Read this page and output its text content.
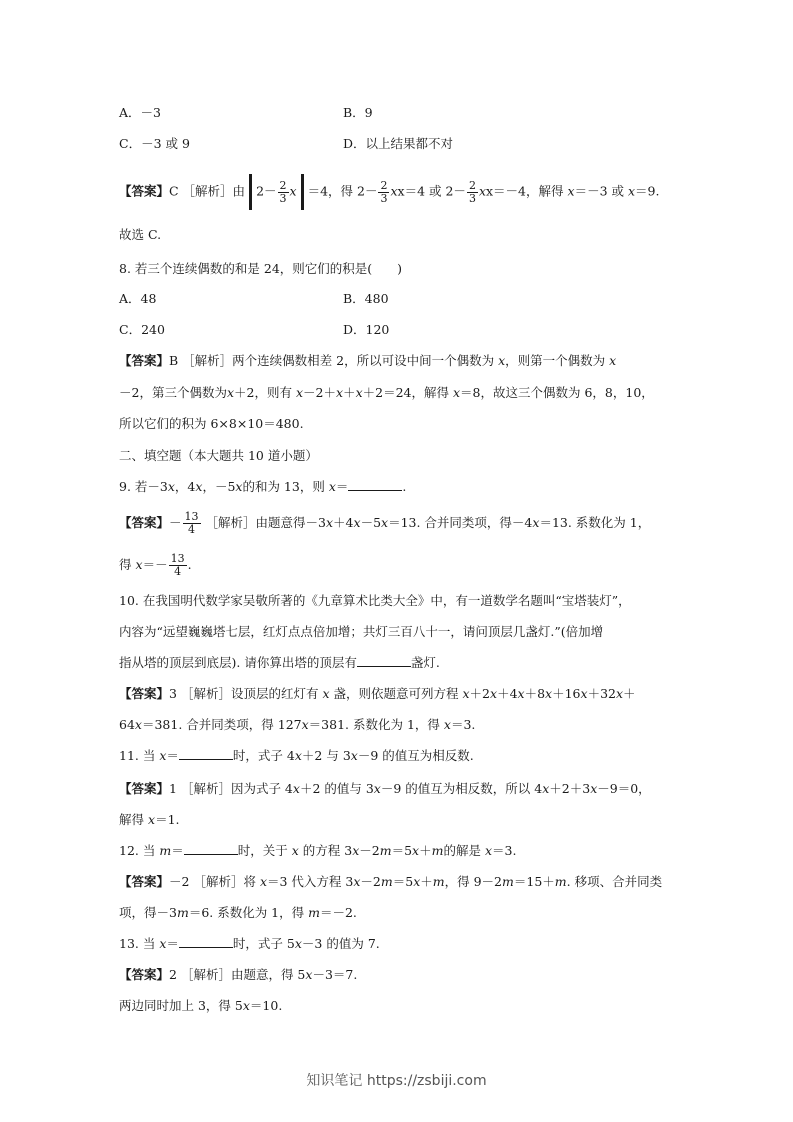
A．－3	B．9
C．－3 或 9	D．以上结果都不对
【答案】C ［解析］由 $2- \frac{2}{3}$ x ＝4，得 $2- \frac{2}{3} xx=4$ 或 $2- \frac{2}{3} xx=-4$，解得 x＝－3 或 x＝9.
故选 C.
8. 若三个连续偶数的和是 24，则它们的积是(　　)
A．48	B．480
C．240	D．120
【答案】B ［解析］两个连续偶数相差 2，所以可设中间一个偶数为 x，则第一个偶数为 x
－2，第三个偶数为x＋2，则有 x－2＋x＋x＋2＝24，解得 x＝8，故这三个偶数为 6，8，10，
所以它们的积为 6×8×10＝480.
二、填空题（本大题共 10 道小题）
9. 若－3x，4x，－5x的和为 13，则 x＝	.
【答案】－ $\frac{13}{4}$ ［解析］由题意得－3x＋4x－5x＝13. 合并同类项，得－4x＝13. 系数化为 1，
得 $x=- \frac{13}{4}$ .
10. 在我国明代数学家吴敬所著的《九章算术比类大全》中，有一道数学名题叫“宝塔装灯”，
内容为“远望巍巍塔七层，红灯点点倍加增；共灯三百八十一，请问顶层几盏灯.”(倍加增
指从塔的顶层到底层). 请你算出塔的顶层有	盏灯.
【答案】3 ［解析］设顶层的红灯有 x 盏，则依题意可列方程 x＋2x＋4x＋8x＋16x＋32x＋
64x＝381. 合并同类项，得 127x＝381. 系数化为 1，得 x＝3.
11. 当 x＝	时，式子 4x＋2 与 3x－9 的值互为相反数.
【答案】1 ［解析］因为式子 4x＋2 的值与 3x－9 的值互为相反数，所以 4x＋2＋3x－9＝0，
解得 x＝1.
12. 当 m＝	时，关于 x 的方程 3x－2m＝5x＋m的解是 x＝3.
【答案】－2 ［解析］将 x＝3 代入方程 3x－2m＝5x＋m，得 9－2m＝15＋m. 移项、合并同类
项，得－3m＝6. 系数化为 1，得 m＝－2.
13. 当 x＝	时，式子 5x－3 的值为 7.
【答案】2 ［解析］由题意，得 5x－3＝7.
两边同时加上 3，得 5x＝10.
知识笔记 https://zsbiji.com
